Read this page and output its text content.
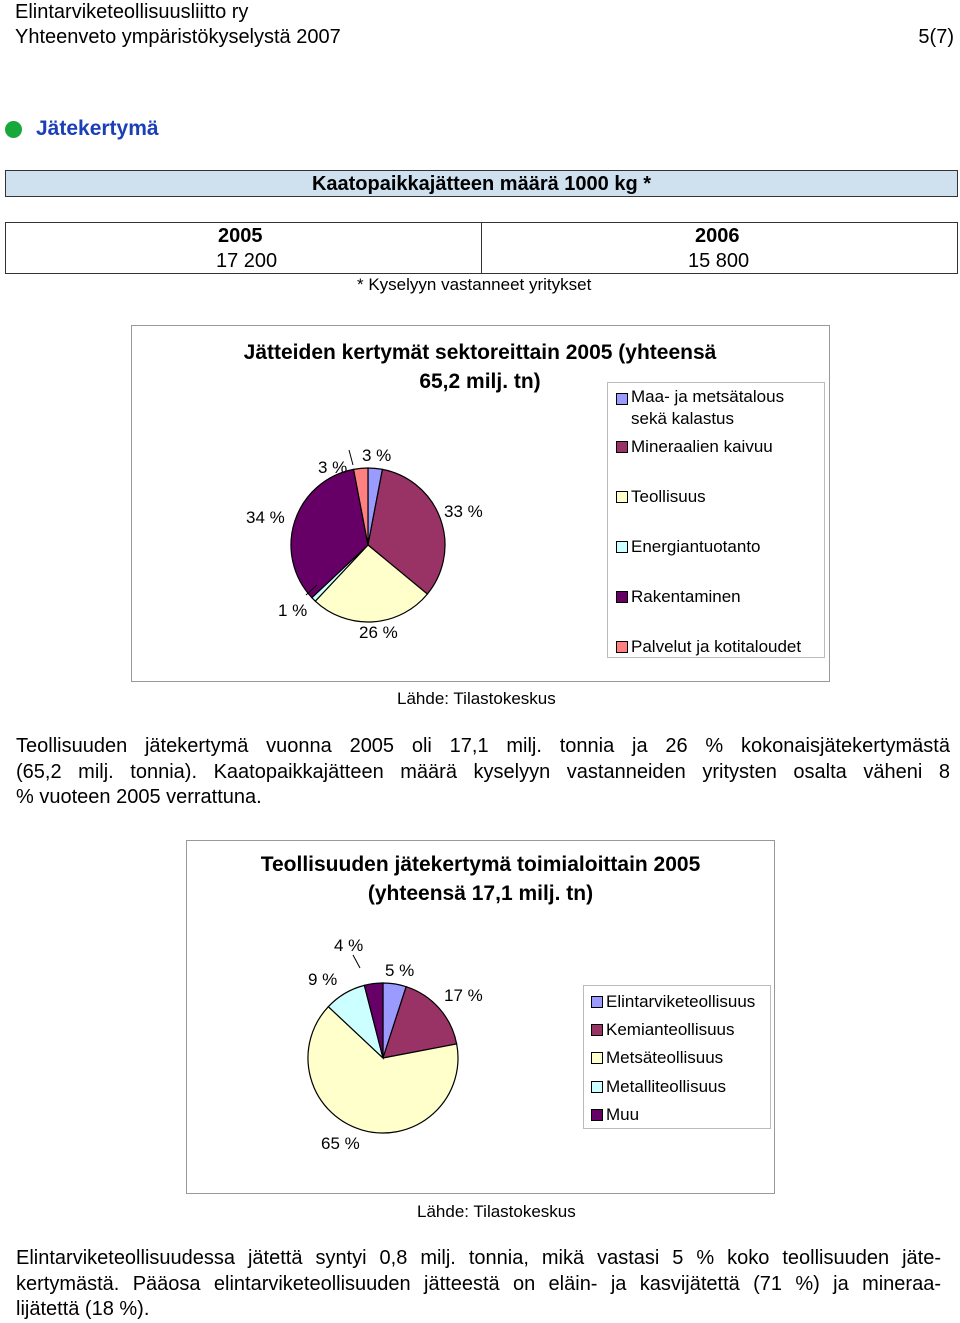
Elintarviketeollisuusliitto ry
Yhteenveto ympäristökyselystä 2007	5(7)
Jätekertymä
Kaatopaikkajätteen määrä 1000 kg *
2005
17 200
2006
15 800
* Kyselyyn vastanneet yritykset
Jätteiden kertymät sektoreittain 2005 (yhteensä
65,2 milj. tn)
3 %
33 %
26 %
1 %
34 %
3 %
Maa- ja metsätalous
sekä kalastus
Mineraalien kaivuu
Teollisuus
Energiantuotanto
Rakentaminen
Palvelut ja kotitaloudet
Lähde: Tilastokeskus
Teollisuuden jätekertymä vuonna 2005 oli 17,1 milj. tonnia ja 26 % kokonaisjätekertymästä
(65,2 milj. tonnia). Kaatopaikkajätteen määrä kyselyyn vastanneiden yritysten osalta väheni 8
% vuoteen 2005 verrattuna.
Teollisuuden jätekertymä toimialoittain 2005
(yhteensä 17,1 milj. tn)
5 %
17 %
65 %
9 %
4 %
Elintarviketeollisuus
Kemianteollisuus
Metsäteollisuus
Metalliteollisuus
Muu
Lähde: Tilastokeskus
Elintarviketeollisuudessa jätettä syntyi 0,8 milj. tonnia, mikä vastasi 5 % koko teollisuuden jäte-
kertymästä. Pääosa elintarviketeollisuuden jätteestä on eläin- ja kasvijätettä (71 %) ja mineraa-
lijätettä (18 %).
